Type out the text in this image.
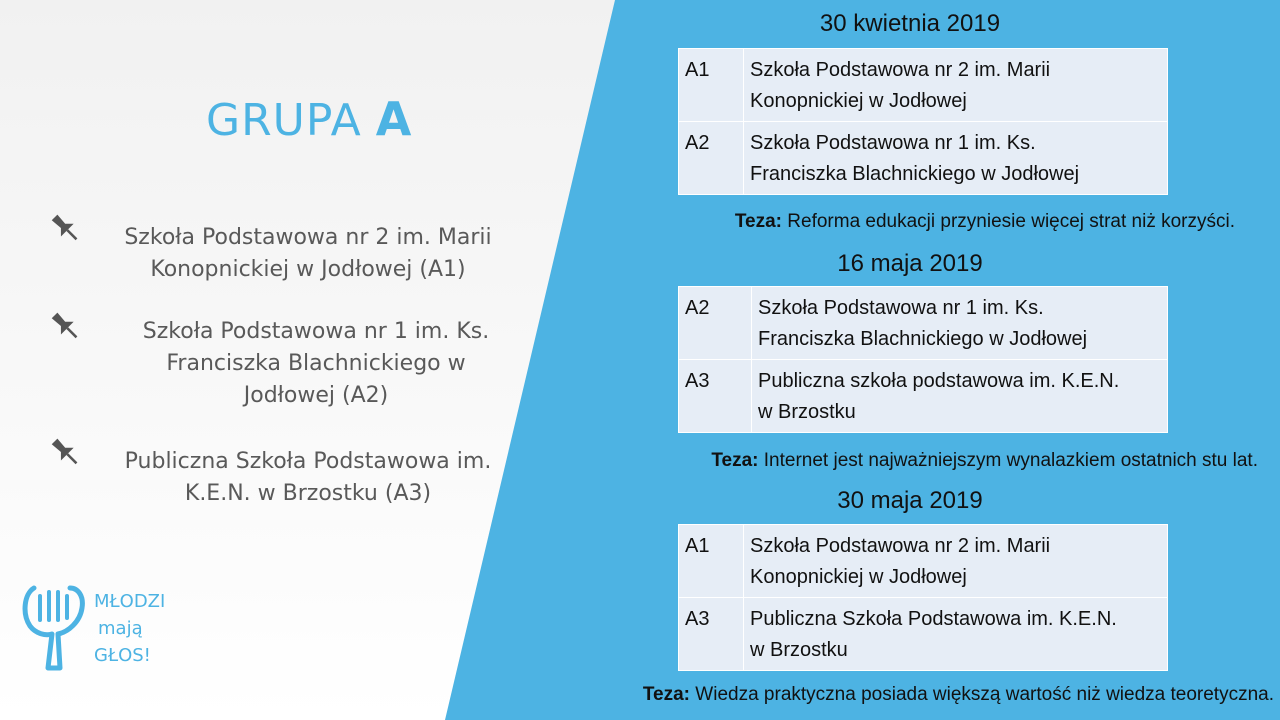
GRUPA A
Szkoła Podstawowa nr 2 im. Marii
Konopnickiej w Jodłowej (A1)
Szkoła Podstawowa nr 1 im. Ks.
Franciszka Blachnickiego w
Jodłowej (A2)
Publiczna Szkoła Podstawowa im.
K.E.N. w Brzostku (A3)
MŁODZI
mają
GŁOS!
30 kwietnia 2019
A1	Szkoła Podstawowa nr 2 im. Marii
Konopnickiej w Jodłowej

A2	Szkoła Podstawowa nr 1 im. Ks.
Franciszka Blachnickiego w Jodłowej
Teza: Reforma edukacji przyniesie więcej strat niż korzyści.
16 maja 2019
A2	Szkoła Podstawowa nr 1 im. Ks.
Franciszka Blachnickiego w Jodłowej

A3	Publiczna szkoła podstawowa im. K.E.N.
w Brzostku
Teza: Internet jest najważniejszym wynalazkiem ostatnich stu lat.
30 maja 2019
A1	Szkoła Podstawowa nr 2 im. Marii
Konopnickiej w Jodłowej

A3	Publiczna Szkoła Podstawowa im. K.E.N.
w Brzostku
Teza: Wiedza praktyczna posiada większą wartość niż wiedza teoretyczna.
